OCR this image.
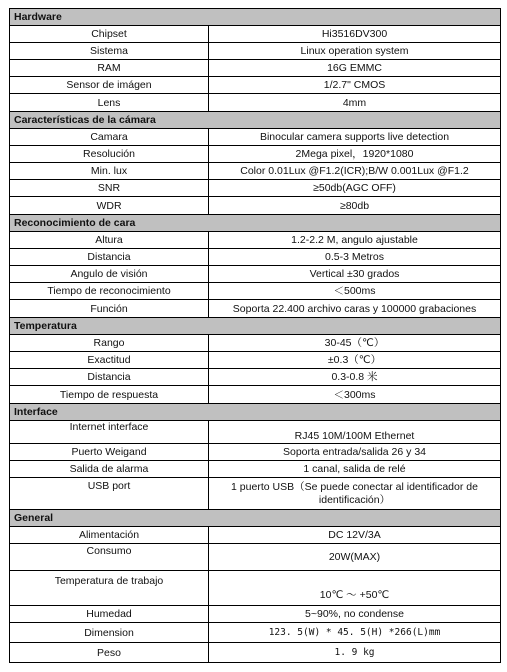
Hardware	
Chipset	Hi3516DV300
Sistema	Linux operation system
RAM	16G EMMC
Sensor de imágen	1/2.7" CMOS
Lens	4mm
Características de la cámara	
Camara	Binocular camera supports live detection
Resolución	2Mega pixel，1920*1080
Min. lux	Color 0.01Lux @F1.2(ICR);B/W 0.001Lux @F1.2
SNR	≥50db(AGC OFF)
WDR	≥80db
Reconocimiento de cara	
Altura	1.2-2.2 M, angulo ajustable
Distancia	0.5-3 Metros
Angulo de visión	Vertical ±30 grados
Tiempo de reconocimiento	＜500ms
Función	Soporta 22.400 archivo caras y 100000 grabaciones
Temperatura	
Rango	30-45（℃）
Exactitud	±0.3（℃）
Distancia	0.3-0.8 米
Tiempo de respuesta	＜300ms
Interface	
Internet interface	RJ45 10M/100M Ethernet
Puerto Weigand	Soporta entrada/salida 26 y 34
Salida de alarma	1 canal, salida de relé
USB port	1 puerto USB（Se puede conectar al identificador de
identificación）

General	
Alimentación	DC 12V/3A
Consumo	20W(MAX)
Temperatura de trabajo	10℃ ～ +50℃
Humedad	5~90%, no condense
Dimension	123. 5(W) * 45. 5(H) *266(L)mm
Peso	1. 9 kg
